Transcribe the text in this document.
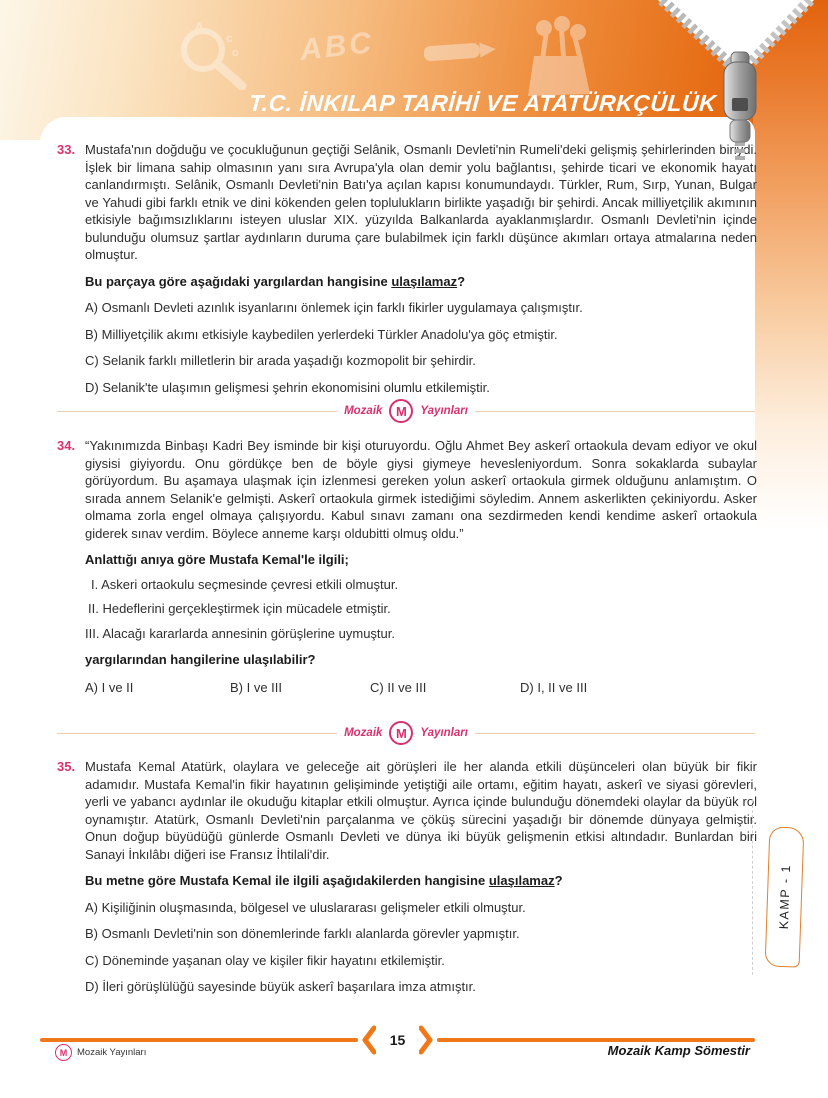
A
c
o ABC
T.C. İNKILAP TARİHİ VE ATATÜRKÇÜLÜK
33. Mustafa'nın doğduğu ve çocukluğunun geçtiği Selânik, Osmanlı Devleti'nin Rumeli'deki gelişmiş şehirlerinden biriydi. İşlek bir limana sahip olmasının yanı sıra Avrupa'yla olan demir yolu bağlantısı, şehirde ticari ve ekonomik hayatı canlandırmıştı. Selânik, Osmanlı Devleti'nin Batı'ya açılan kapısı konumundaydı. Türkler, Rum, Sırp, Yunan, Bulgar ve Yahudi gibi farklı etnik ve dini kökenden gelen toplulukların birlikte yaşadığı bir şehirdi. Ancak milliyetçilik akımının etkisiyle bağımsızlıklarını isteyen uluslar XIX. yüzyılda Balkanlarda ayaklanmışlardır. Osmanlı Devleti'nin içinde bulunduğu olumsuz şartlar aydınların duruma çare bulabilmek için farklı düşünce akımları ortaya atmalarına neden olmuştur.
Bu parçaya göre aşağıdaki yargılardan hangisine ulaşılamaz?
A) Osmanlı Devleti azınlık isyanlarını önlemek için farklı fikirler uygulamaya çalışmıştır.
B) Milliyetçilik akımı etkisiyle kaybedilen yerlerdeki Türkler Anadolu'ya göç etmiştir.
C) Selanik farklı milletlerin bir arada yaşadığı kozmopolit bir şehirdir.
D) Selanik'te ulaşımın gelişmesi şehrin ekonomisini olumlu etkilemiştir.
Mozaik	M	Yayınları
34. “Yakınımızda Binbaşı Kadri Bey isminde bir kişi oturuyordu. Oğlu Ahmet Bey askerî ortaokula devam ediyor ve okul giysisi giyiyordu. Onu gördükçe ben de böyle giysi giymeye hevesleniyordum. Sonra sokaklarda subaylar görüyordum. Bu aşamaya ulaşmak için izlenmesi gereken yolun askerî ortaokula girmek olduğunu anlamıştım. O sırada annem Selanik'e gelmişti. Askerî ortaokula girmek istediğimi söyledim. Annem askerlikten çekiniyordu. Asker olmama zorla engel olmaya çalışıyordu. Kabul sınavı zamanı ona sezdirmeden kendi kendime askerî ortaokula giderek sınav verdim. Böylece anneme karşı oldubitti olmuş oldu.”
Anlattığı anıya göre Mustafa Kemal'le ilgili;
I. Askeri ortaokulu seçmesinde çevresi etkili olmuştur.
II. Hedeflerini gerçekleştirmek için mücadele etmiştir.
III. Alacağı kararlarda annesinin görüşlerine uymuştur.
yargılarından hangilerine ulaşılabilir?
A) I ve II	B) I ve III	C) II ve III	D) I, II ve III
Mozaik	M	Yayınları
35. Mustafa Kemal Atatürk, olaylara ve geleceğe ait görüşleri ile her alanda etkili düşünceleri olan büyük bir fikir adamıdır. Mustafa Kemal'in fikir hayatının gelişiminde yetiştiği aile ortamı, eğitim hayatı, askerî ve siyasi görevleri, yerli ve yabancı aydınlar ile okuduğu kitaplar etkili olmuştur. Ayrıca içinde bulunduğu dönemdeki olaylar da büyük rol oynamıştır. Atatürk, Osmanlı Devleti'nin parçalanma ve çöküş sürecini yaşadığı bir dönemde dünyaya gelmiştir. Onun doğup büyüdüğü günlerde Osmanlı Devleti ve dünya iki büyük gelişmenin etkisi altındadır. Bunlardan biri Sanayi İnkılâbı diğeri ise Fransız İhtilali'dir.
Bu metne göre Mustafa Kemal ile ilgili aşağıdakilerden hangisine ulaşılamaz?
A) Kişiliğinin oluşmasında, bölgesel ve uluslararası gelişmeler etkili olmuştur.
B) Osmanlı Devleti'nin son dönemlerinde farklı alanlarda görevler yapmıştır.
C) Döneminde yaşanan olay ve kişiler fikir hayatını etkilemiştir.
D) İleri görüşlülüğü sayesinde büyük askerî başarılara imza atmıştır.
KAMP - 1
15
M	Mozaik Yayınları	Mozaik Kamp Sömestir
